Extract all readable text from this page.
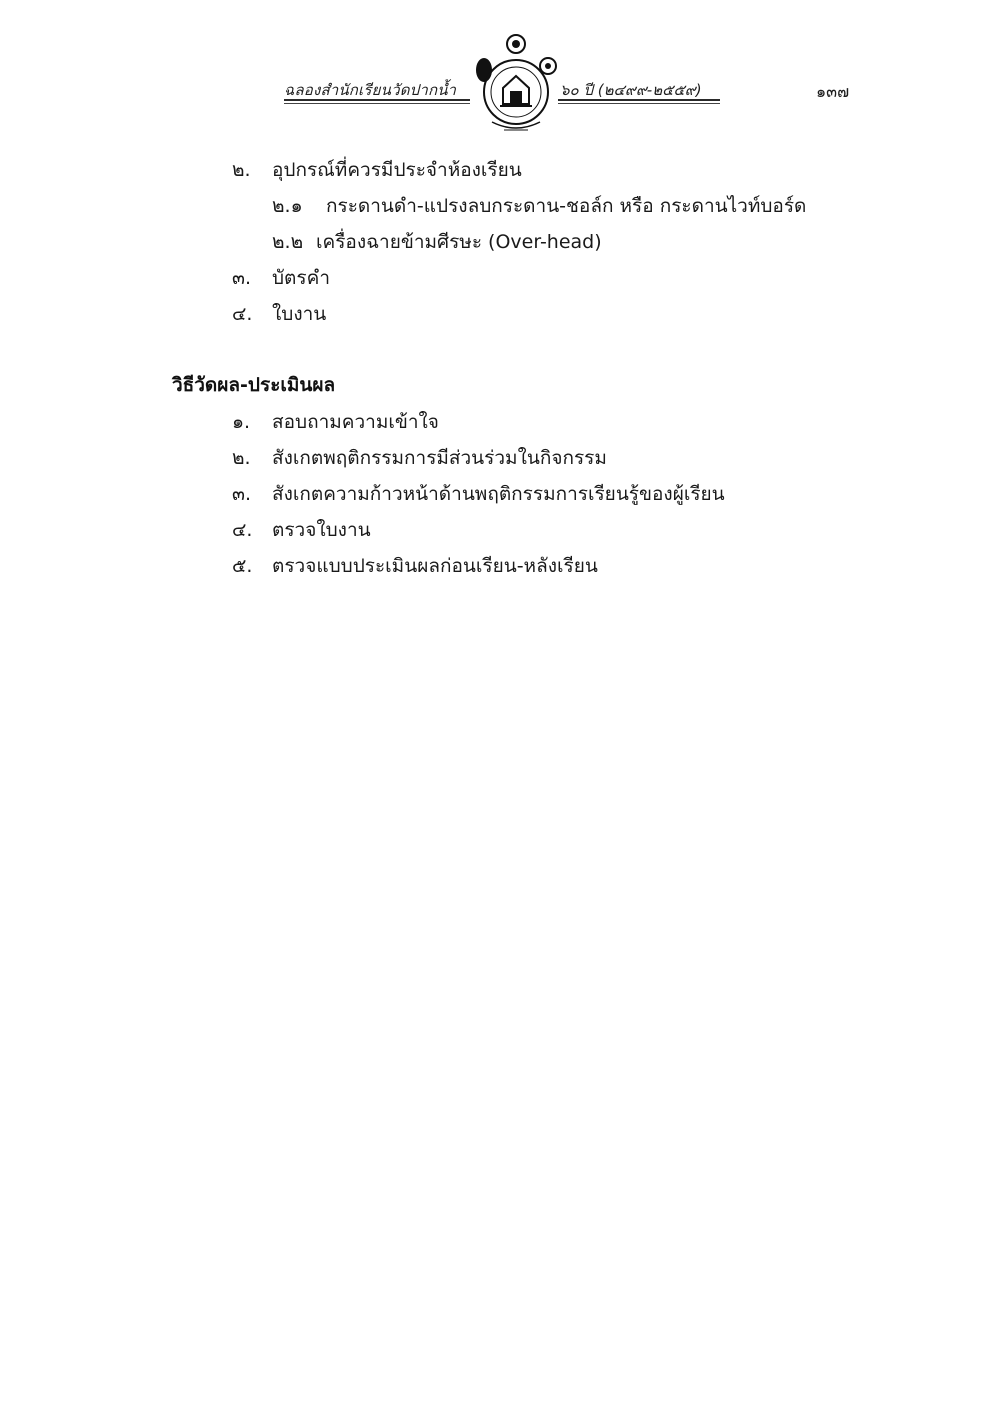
ฉลองสำนักเรียนวัดปากน้ำ	๖๐ ปี (๒๔๙๙-๒๕๕๙)	๑๓๗
๒. อุปกรณ์ที่ควรมีประจำห้องเรียน
๒.๑ กระดานดำ-แปรงลบกระดาน-ชอล์ก หรือ กระดานไวท์บอร์ด
๒.๒ เครื่องฉายข้ามศีรษะ (Over-head)
๓. บัตรคำ
๔. ใบงาน
วิธีวัดผล-ประเมินผล
๑. สอบถามความเข้าใจ
๒. สังเกตพฤติกรรมการมีส่วนร่วมในกิจกรรม
๓. สังเกตความก้าวหน้าด้านพฤติกรรมการเรียนรู้ของผู้เรียน
๔. ตรวจใบงาน
๕. ตรวจแบบประเมินผลก่อนเรียน-หลังเรียน
